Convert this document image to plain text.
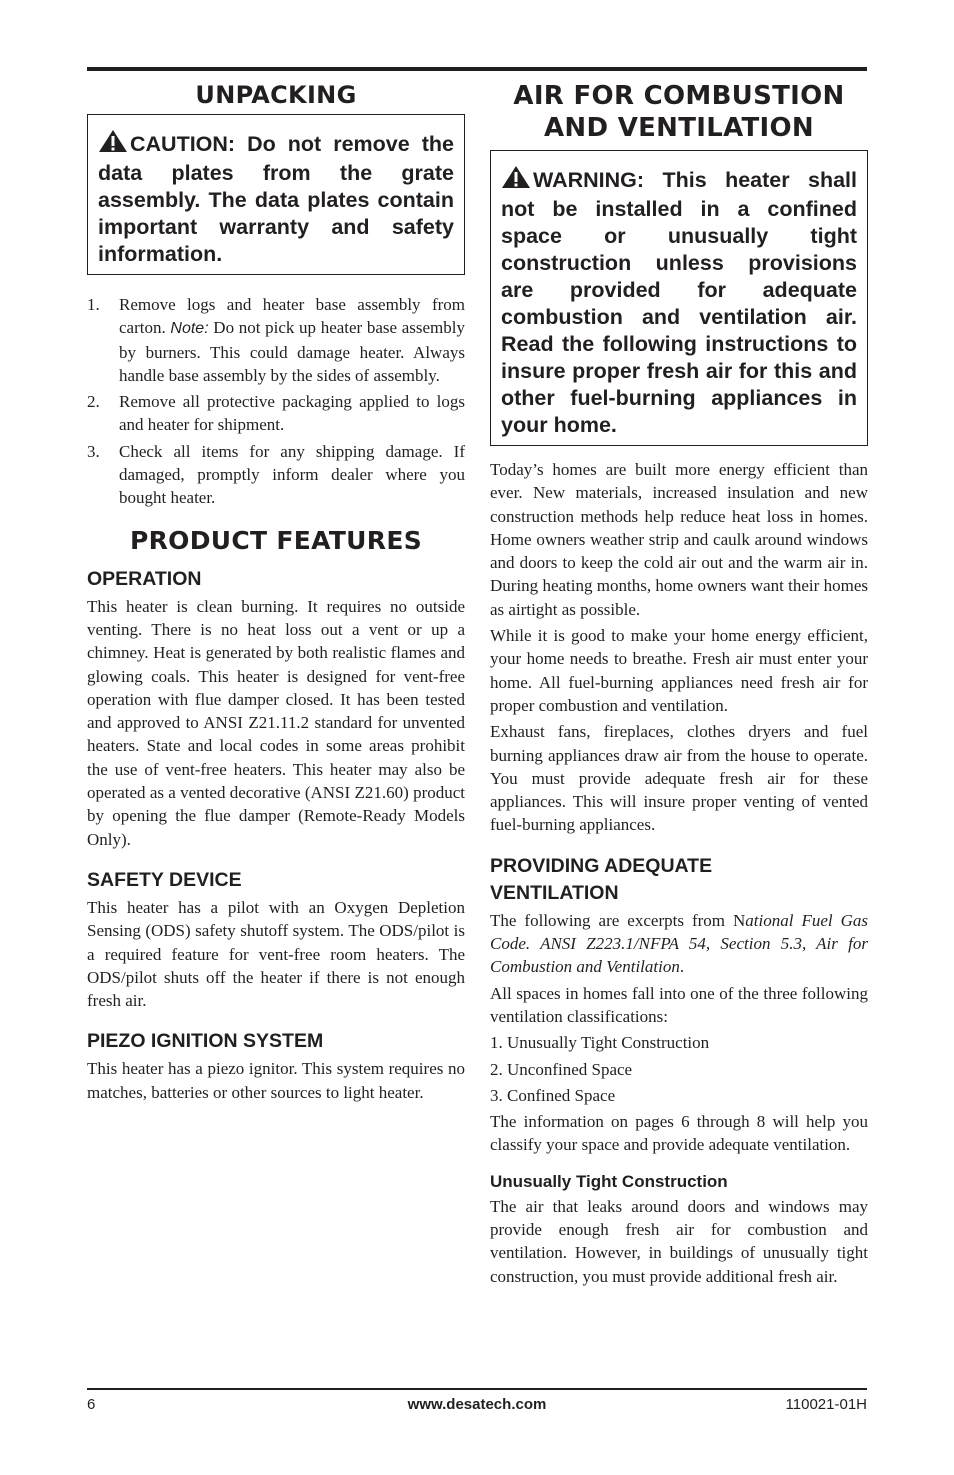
UNPACKING
CAUTION: Do not remove the data plates from the grate assembly. The data plates contain important warranty and safety information.
1. Remove logs and heater base assembly from carton. Note: Do not pick up heater base assembly by burners. This could damage heater. Always handle base assembly by the sides of assembly.
2. Remove all protective packaging applied to logs and heater for shipment.
3. Check all items for any shipping damage. If damaged, promptly inform dealer where you bought heater.
PRODUCT FEATURES
OPERATION

This heater is clean burning. It requires no outside venting. There is no heat loss out a vent or up a chimney. Heat is generated by both realistic flames and glowing coals. This heater is designed for vent-free operation with flue damper closed. It has been tested and approved to ANSI Z21.11.2 standard for unvented heaters. State and local codes in some areas prohibit the use of vent-free heaters. This heater may also be operated as a vented decorative (ANSI Z21.60) product by opening the flue damper (Remote-Ready Models Only).

SAFETY DEVICE

This heater has a pilot with an Oxygen Depletion Sensing (ODS) safety shutoff system. The ODS/pilot is a required feature for vent-free room heaters. The ODS/pilot shuts off the heater if there is not enough fresh air.

PIEZO IGNITION SYSTEM

This heater has a piezo ignitor. This system requires no matches, batteries or other sources to light heater.

AIR FOR COMBUSTION
AND VENTILATION
WARNING: This heater shall not be installed in a confined space or unusually tight construction unless provisions are provided for adequate combustion and ventilation air. Read the following instructions to insure proper fresh air for this and other fuel-burning appliances in your home.

Today’s homes are built more energy efficient than ever. New materials, increased insulation and new construction methods help reduce heat loss in homes. Home owners weather strip and caulk around windows and doors to keep the cold air out and the warm air in. During heating months, home owners want their homes as airtight as possible.

While it is good to make your home energy efficient, your home needs to breathe. Fresh air must enter your home. All fuel-burning appliances need fresh air for proper combustion and ventilation.

Exhaust fans, fireplaces, clothes dryers and fuel burning appliances draw air from the house to operate. You must provide adequate fresh air for these appliances. This will insure proper venting of vented fuel-burning appliances.

PROVIDING ADEQUATE
VENTILATION

The following are excerpts from National Fuel Gas Code. ANSI Z223.1/NFPA 54, Section 5.3, Air for Combustion and Ventilation.

All spaces in homes fall into one of the three following ventilation classifications:

1. Unusually Tight Construction
2. Unconfined Space
3. Confined Space

The information on pages 6 through 8 will help you classify your space and provide adequate ventilation.

Unusually Tight Construction

The air that leaks around doors and windows may provide enough fresh air for combustion and ventilation. However, in buildings of unusually tight construction, you must provide additional fresh air.

www.desatech.com
6	110021-01H
